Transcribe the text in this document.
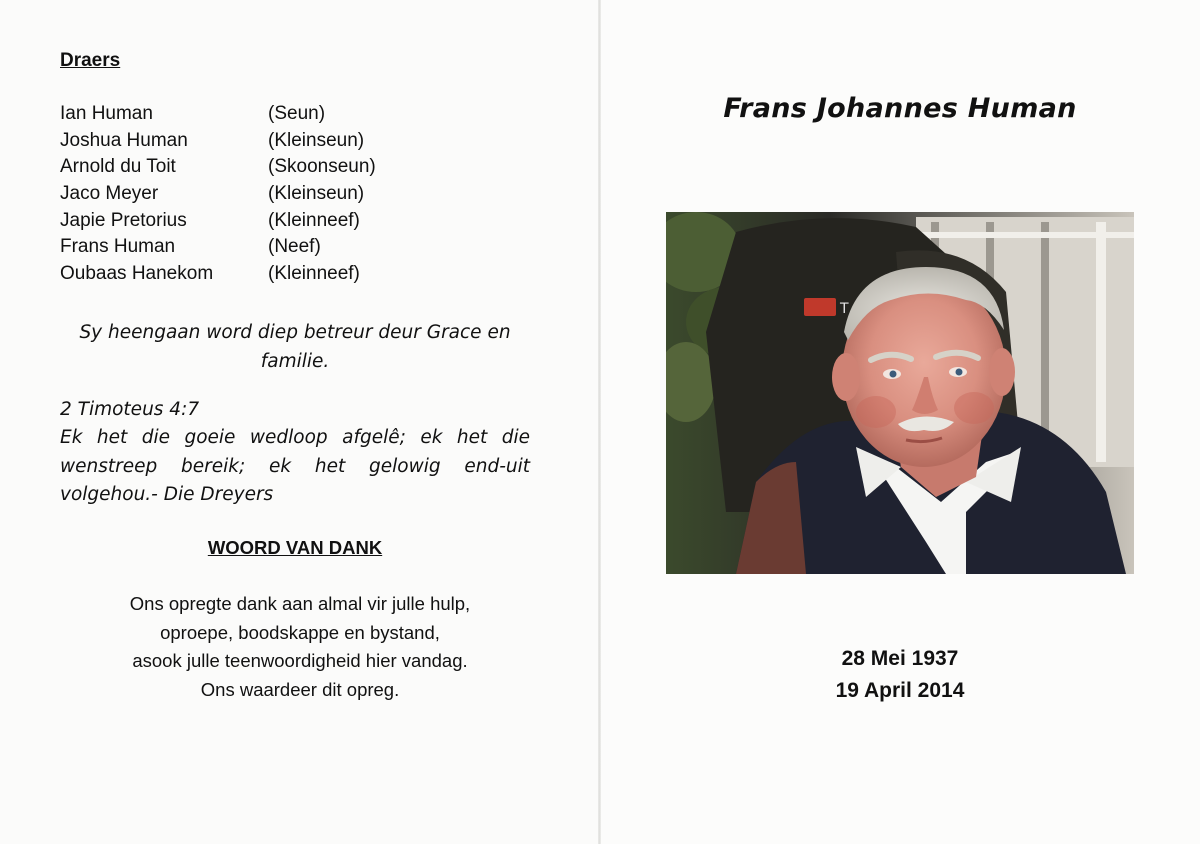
Draers
Ian Human	(Seun)
Joshua Human	(Kleinseun)
Arnold du Toit	(Skoonseun)
Jaco Meyer	(Kleinseun)
Japie Pretorius	(Kleinneef)
Frans Human	(Neef)
Oubaas Hanekom	(Kleinneef)
Sy heengaan word diep betreur deur Grace en
familie.
2 Timoteus 4:7
Ek het die goeie wedloop afgelê; ek het die
wenstreep bereik; ek het gelowig end-uit
volgehou.- Die Dreyers
WOORD VAN DANK
Ons opregte dank aan almal vir julle hulp,
oproepe, boodskappe en bystand,
asook julle teenwoordigheid hier vandag.
Ons waardeer dit opreg.
Frans Johannes Human
T
28 Mei 1937
19 April 2014
